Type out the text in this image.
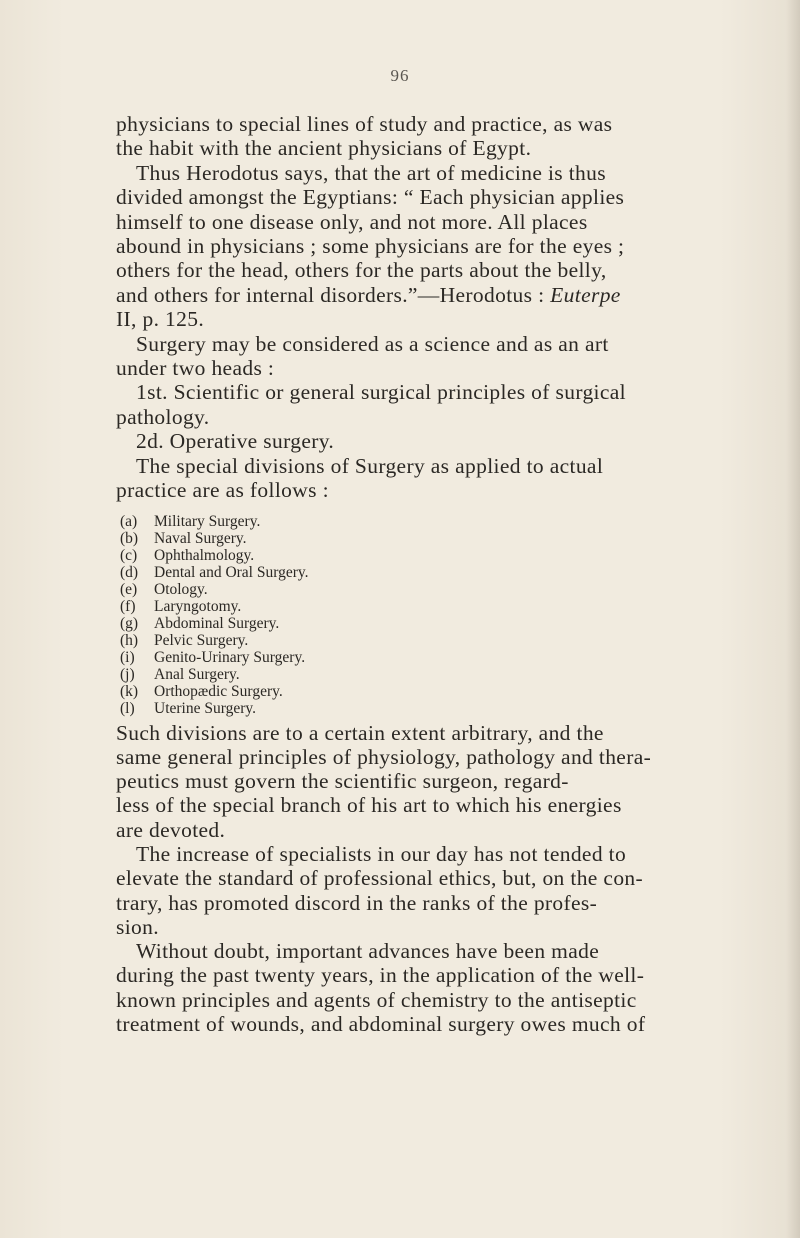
96
physicians to special lines of study and practice, as was
the habit with the ancient physicians of Egypt.
Thus Herodotus says, that the art of medicine is thus
divided amongst the Egyptians: “ Each physician applies
himself to one disease only, and not more. All places
abound in physicians ; some physicians are for the eyes ;
others for the head, others for the parts about the belly,
and others for internal disorders.”—Herodotus : Euterpe
II, p. 125.
Surgery may be considered as a science and as an art
under two heads :
1st. Scientific or general surgical principles of surgical
pathology.
2d. Operative surgery.
The special divisions of Surgery as applied to actual
practice are as follows :
(a)	Military Surgery.
(b)	Naval Surgery.
(c)	Ophthalmology.
(d)	Dental and Oral Surgery.
(e)	Otology.
(f)	Laryngotomy.
(g)	Abdominal Surgery.
(h)	Pelvic Surgery.
(i)	Genito-Urinary Surgery.
(j)	Anal Surgery.
(k)	Orthopædic Surgery.
(l)	Uterine Surgery.
Such divisions are to a certain extent arbitrary, and the
same general principles of physiology, pathology and thera-
peutics must govern the scientific surgeon, regard-
less of the special branch of his art to which his energies
are devoted.
The increase of specialists in our day has not tended to
elevate the standard of professional ethics, but, on the con-
trary, has promoted discord in the ranks of the profes-
sion.
Without doubt, important advances have been made
during the past twenty years, in the application of the well-
known principles and agents of chemistry to the antiseptic
treatment of wounds, and abdominal surgery owes much of
